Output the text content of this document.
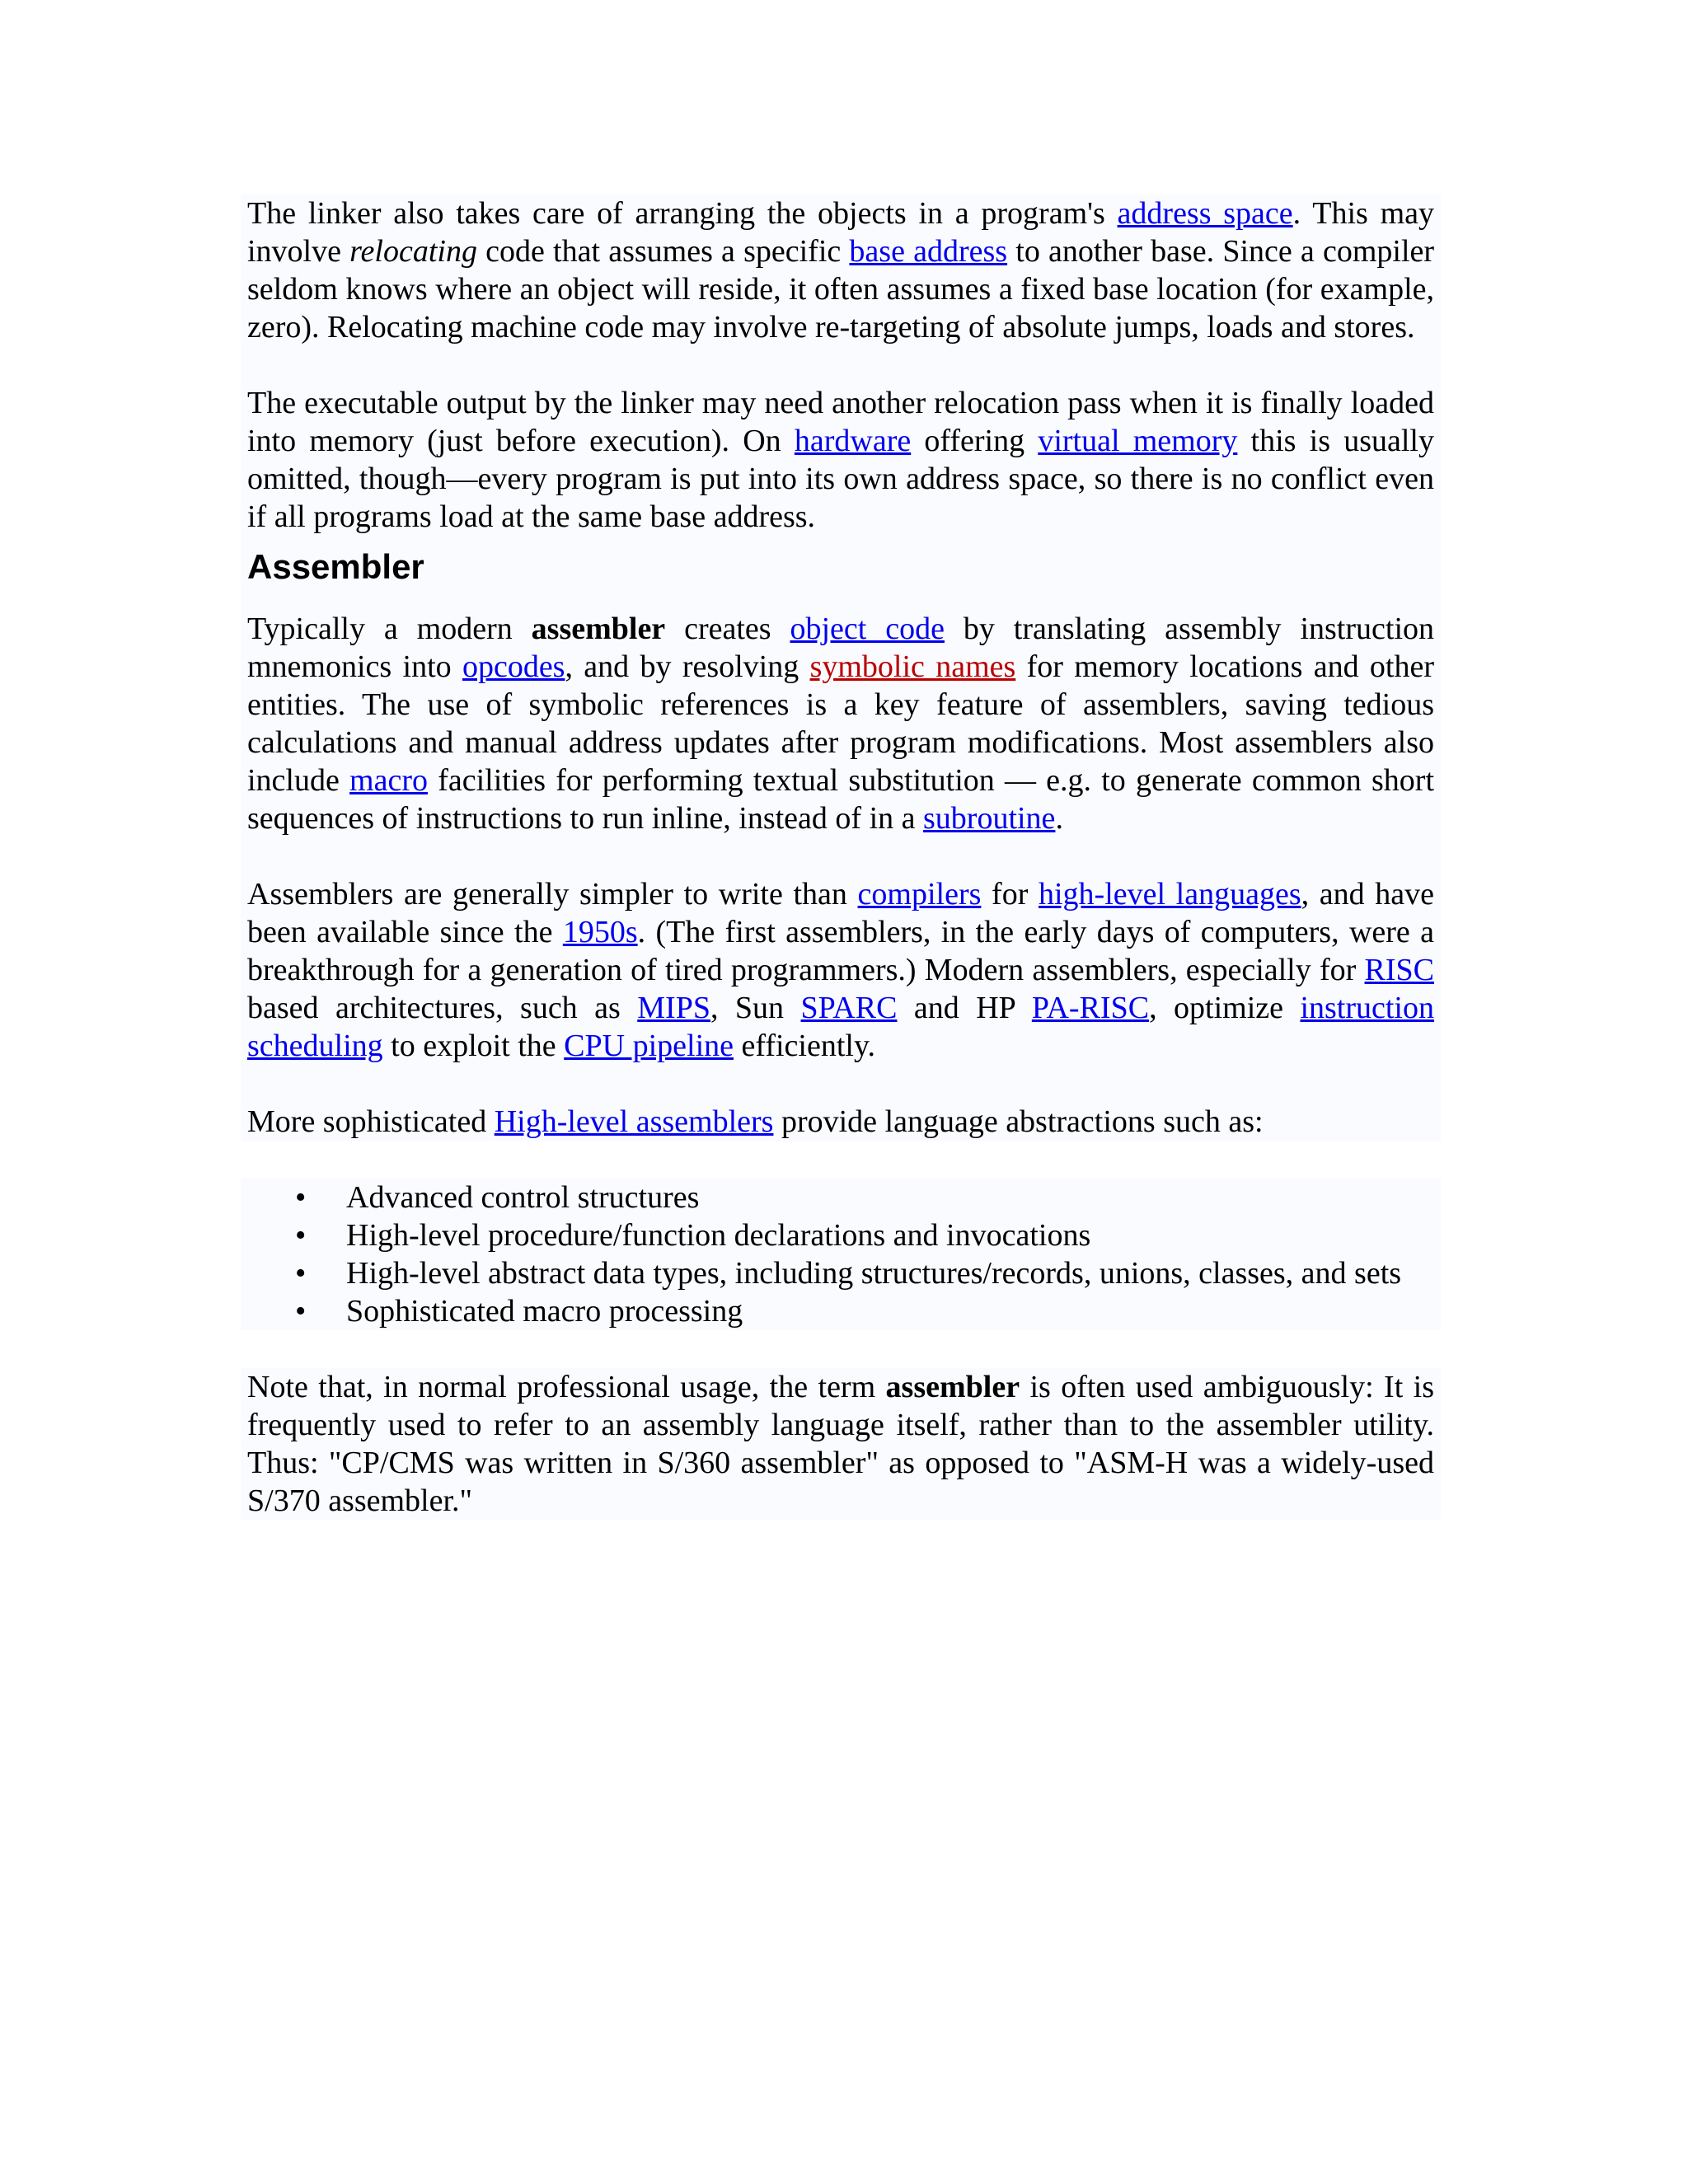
The linker also takes care of arranging the objects in a program's address space. This may involve relocating code that assumes a specific base address to another base. Since a compiler seldom knows where an object will reside, it often assumes a fixed base location (for example, zero). Relocating machine code may involve re-targeting of absolute jumps, loads and stores.

The executable output by the linker may need another relocation pass when it is finally loaded into memory (just before execution). On hardware offering virtual memory this is usually omitted, though—every program is put into its own address space, so there is no conflict even if all programs load at the same base address.

Assembler

Typically a modern assembler creates object code by translating assembly instruction mnemonics into opcodes, and by resolving symbolic names for memory locations and other entities. The use of symbolic references is a key feature of assemblers, saving tedious calculations and manual address updates after program modifications. Most assemblers also include macro facilities for performing textual substitution — e.g. to generate common short sequences of instructions to run inline, instead of in a subroutine.

Assemblers are generally simpler to write than compilers for high-level languages, and have been available since the 1950s. (The first assemblers, in the early days of computers, were a breakthrough for a generation of tired programmers.) Modern assemblers, especially for RISC based architectures, such as MIPS, Sun SPARC and HP PA-RISC, optimize instruction scheduling to exploit the CPU pipeline efficiently.

More sophisticated High-level assemblers provide language abstractions such as:

• Advanced control structures
• High-level procedure/function declarations and invocations
• High-level abstract data types, including structures/records, unions, classes, and sets
• Sophisticated macro processing

Note that, in normal professional usage, the term assembler is often used ambiguously: It is frequently used to refer to an assembly language itself, rather than to the assembler utility. Thus: "CP/CMS was written in S/360 assembler" as opposed to "ASM-H was a widely-used S/370 assembler."
